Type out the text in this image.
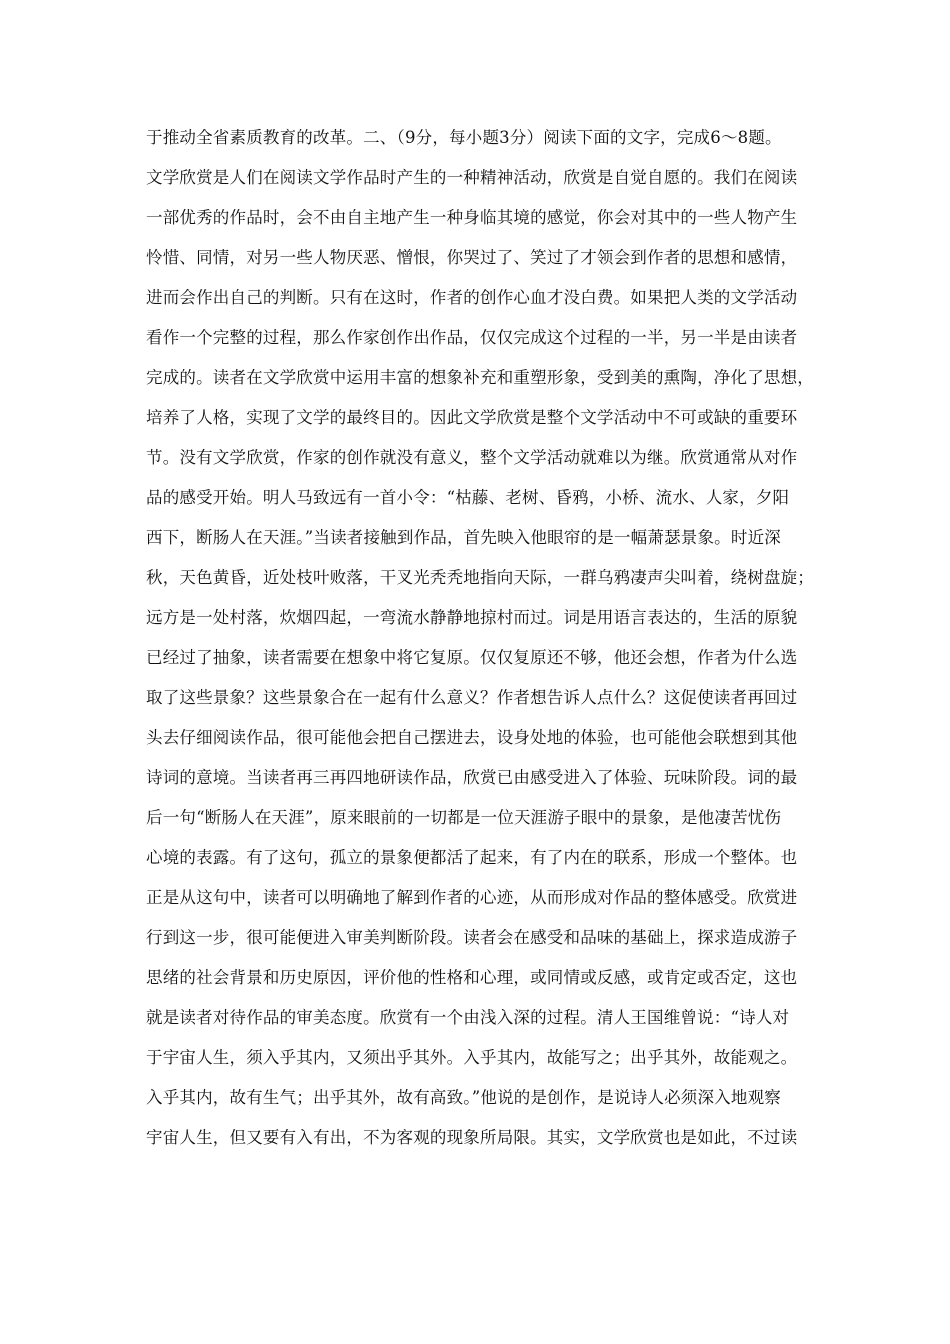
于推动全省素质教育的改革。二、（9分，每小题3分）阅读下面的文字，完成6～8题。
文学欣赏是人们在阅读文学作品时产生的一种精神活动，欣赏是自觉自愿的。我们在阅读
一部优秀的作品时，会不由自主地产生一种身临其境的感觉，你会对其中的一些人物产生
怜惜、同情，对另一些人物厌恶、憎恨，你哭过了、笑过了才领会到作者的思想和感情，
进而会作出自己的判断。只有在这时，作者的创作心血才没白费。如果把人类的文学活动
看作一个完整的过程，那么作家创作出作品，仅仅完成这个过程的一半，另一半是由读者
完成的。读者在文学欣赏中运用丰富的想象补充和重塑形象，受到美的熏陶，净化了思想，
培养了人格，实现了文学的最终目的。因此文学欣赏是整个文学活动中不可或缺的重要环
节。没有文学欣赏，作家的创作就没有意义，整个文学活动就难以为继。欣赏通常从对作
品的感受开始。明人马致远有一首小令：“枯藤、老树、昏鸦，小桥、流水、人家，夕阳
西下，断肠人在天涯。”当读者接触到作品，首先映入他眼帘的是一幅萧瑟景象。时近深
秋，天色黄昏，近处枝叶败落，干叉光秃秃地指向天际，一群乌鸦凄声尖叫着，绕树盘旋；
远方是一处村落，炊烟四起，一弯流水静静地掠村而过。词是用语言表达的，生活的原貌
已经过了抽象，读者需要在想象中将它复原。仅仅复原还不够，他还会想，作者为什么选
取了这些景象？这些景象合在一起有什么意义？作者想告诉人点什么？这促使读者再回过
头去仔细阅读作品，很可能他会把自己摆进去，设身处地的体验，也可能他会联想到其他
诗词的意境。当读者再三再四地研读作品，欣赏已由感受进入了体验、玩味阶段。词的最
后一句“断肠人在天涯”，原来眼前的一切都是一位天涯游子眼中的景象，是他凄苦忧伤
心境的表露。有了这句，孤立的景象便都活了起来，有了内在的联系，形成一个整体。也
正是从这句中，读者可以明确地了解到作者的心迹，从而形成对作品的整体感受。欣赏进
行到这一步，很可能便进入审美判断阶段。读者会在感受和品味的基础上，探求造成游子
思绪的社会背景和历史原因，评价他的性格和心理，或同情或反感，或肯定或否定，这也
就是读者对待作品的审美态度。欣赏有一个由浅入深的过程。清人王国维曾说：“诗人对
于宇宙人生，须入乎其内，又须出乎其外。入乎其内，故能写之；出乎其外，故能观之。
入乎其内，故有生气；出乎其外，故有高致。”他说的是创作，是说诗人必须深入地观察
宇宙人生，但又要有入有出，不为客观的现象所局限。其实，文学欣赏也是如此，不过读
